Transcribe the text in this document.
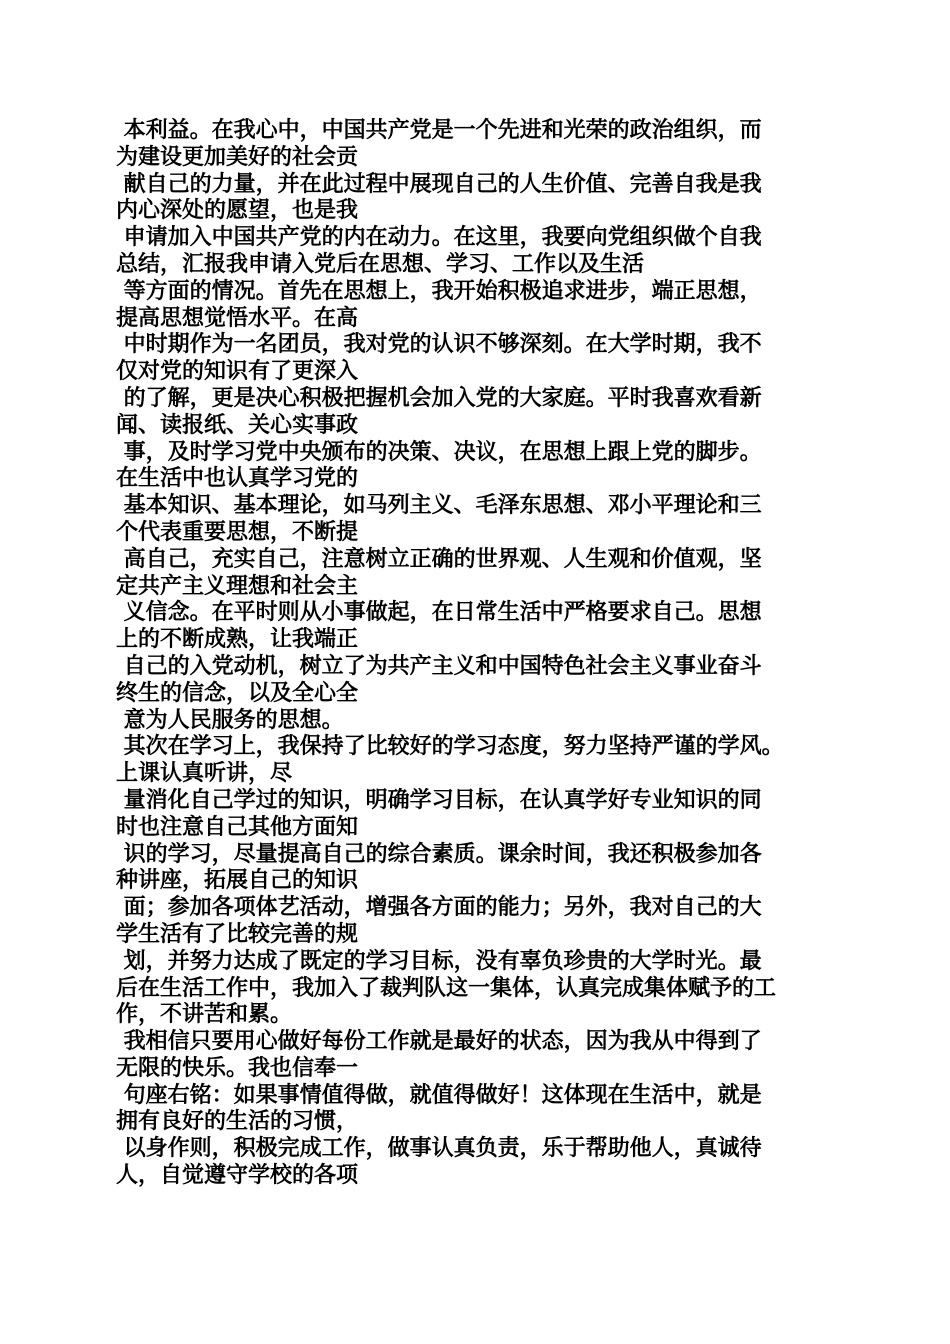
本利益。在我心中，中国共产党是一个先进和光荣的政治组织，而
为建设更加美好的社会贡
献自己的力量，并在此过程中展现自己的人生价值、完善自我是我
内心深处的愿望，也是我
申请加入中国共产党的内在动力。在这里，我要向党组织做个自我
总结，汇报我申请入党后在思想、学习、工作以及生活
等方面的情况。首先在思想上，我开始积极追求进步，端正思想，
提高思想觉悟水平。在高
中时期作为一名团员，我对党的认识不够深刻。在大学时期，我不
仅对党的知识有了更深入
的了解，更是决心积极把握机会加入党的大家庭。平时我喜欢看新
闻、读报纸、关心实事政
事，及时学习党中央颁布的决策、决议，在思想上跟上党的脚步。
在生活中也认真学习党的
基本知识、基本理论，如马列主义、毛泽东思想、邓小平理论和三
个代表重要思想，不断提
高自己，充实自己，注意树立正确的世界观、人生观和价值观，坚
定共产主义理想和社会主
义信念。在平时则从小事做起，在日常生活中严格要求自己。思想
上的不断成熟，让我端正
自己的入党动机，树立了为共产主义和中国特色社会主义事业奋斗
终生的信念，以及全心全
意为人民服务的思想。
其次在学习上，我保持了比较好的学习态度，努力坚持严谨的学风。
上课认真听讲，尽
量消化自己学过的知识，明确学习目标，在认真学好专业知识的同
时也注意自己其他方面知
识的学习，尽量提高自己的综合素质。课余时间，我还积极参加各
种讲座，拓展自己的知识
面；参加各项体艺活动，增强各方面的能力；另外，我对自己的大
学生活有了比较完善的规
划，并努力达成了既定的学习目标，没有辜负珍贵的大学时光。最
后在生活工作中，我加入了裁判队这一集体，认真完成集体赋予的工
作，不讲苦和累。
我相信只要用心做好每份工作就是最好的状态，因为我从中得到了
无限的快乐。我也信奉一
句座右铭：如果事情值得做，就值得做好！这体现在生活中，就是
拥有良好的生活的习惯，
以身作则，积极完成工作，做事认真负责，乐于帮助他人，真诚待
人，自觉遵守学校的各项
